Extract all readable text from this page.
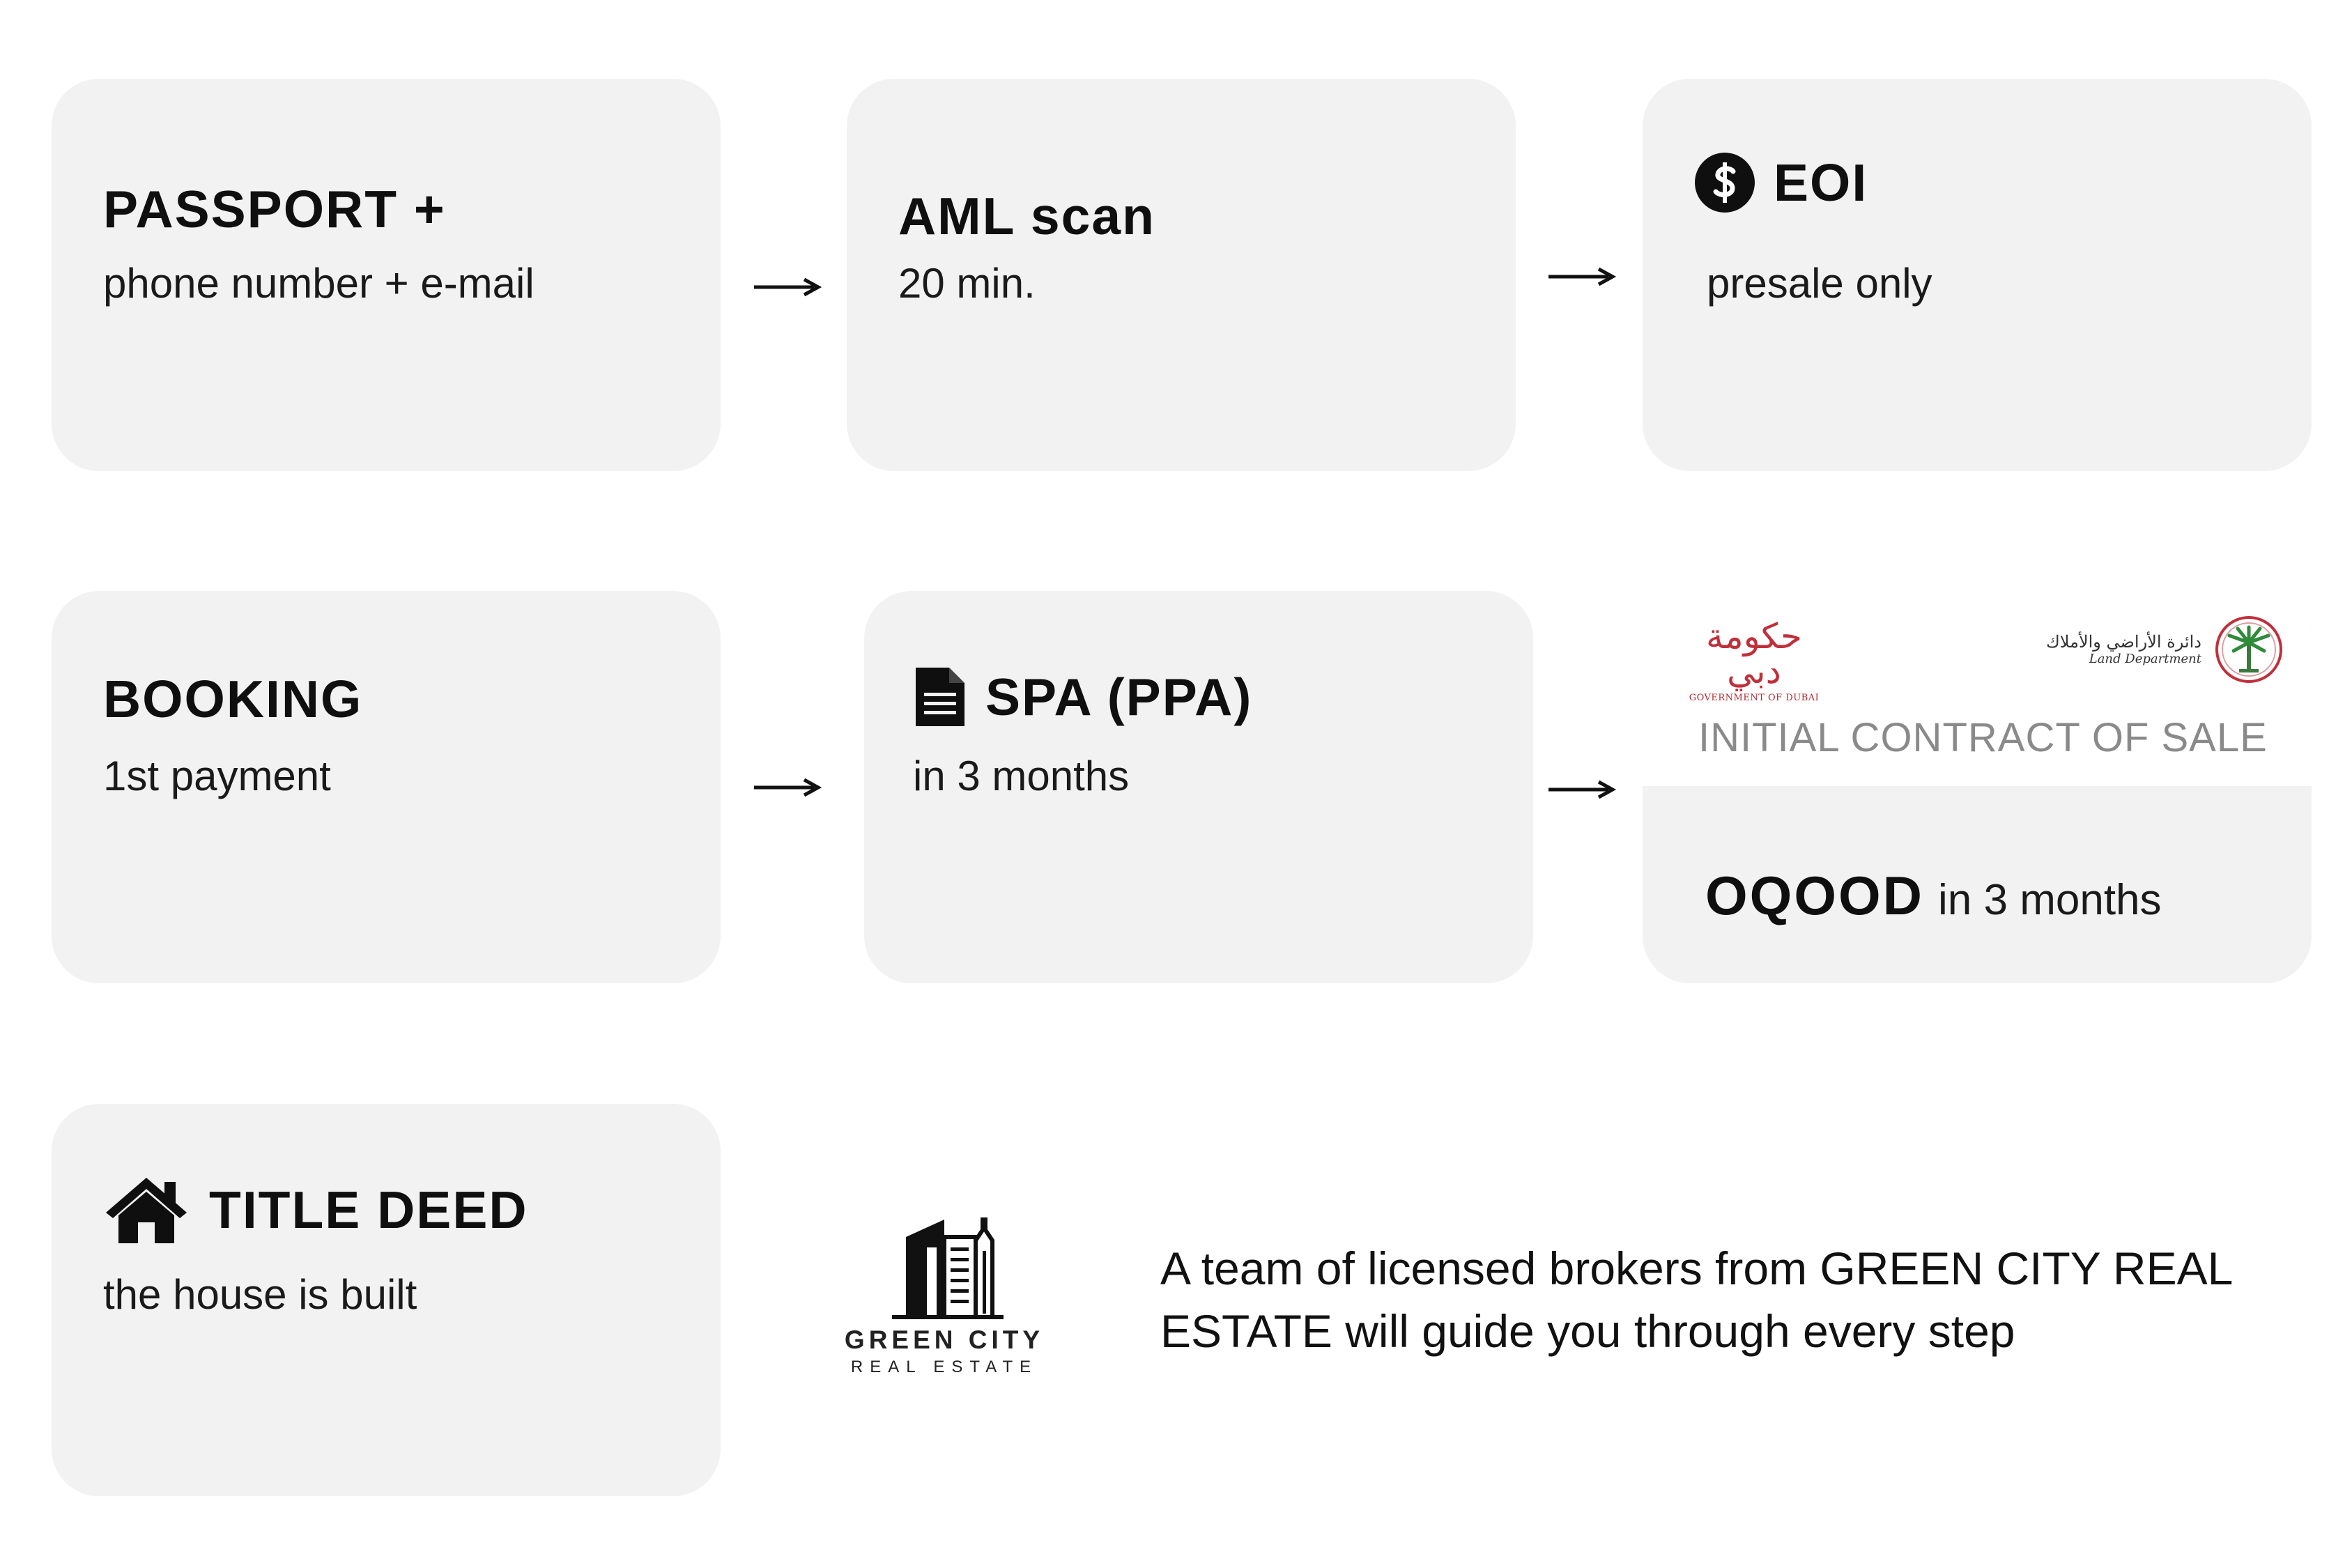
PASSPORT +
phone number + e-mail
AML scan
20 min.
EOI
presale only
BOOKING
1st payment
SPA (PPA)
in 3 months
حكومة دبي
GOVERNMENT OF DUBAI
دائرة الأراضي والأملاك
Land Department
INITIAL CONTRACT OF SALE
OQOOD in 3 months
TITLE DEED
the house is built
GREEN CITY
REAL ESTATE
A team of licensed brokers from GREEN CITY REAL ESTATE will guide you through every step
